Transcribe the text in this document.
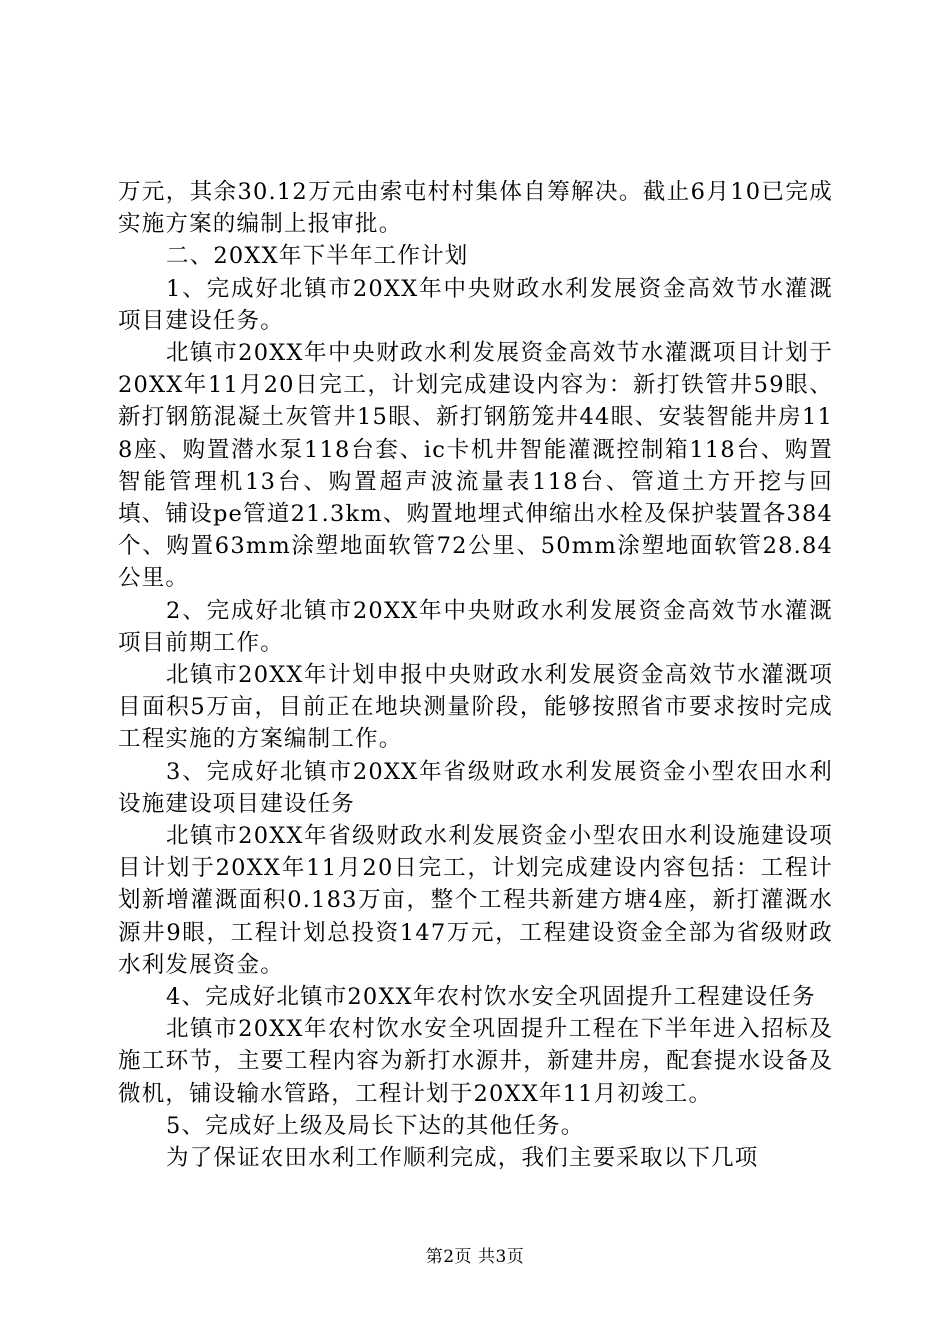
万元，其余30.12万元由索屯村村集体自筹解决。截止6月10已完成实施方案的编制上报审批。

二、20XX年下半年工作计划

1、完成好北镇市20XX年中央财政水利发展资金高效节水灌溉项目建设任务。

北镇市20XX年中央财政水利发展资金高效节水灌溉项目计划于20XX年11月20日完工，计划完成建设内容为：新打铁管井59眼、新打钢筋混凝土灰管井15眼、新打钢筋笼井44眼、安装智能井房118座、购置潜水泵118台套、ic卡机井智能灌溉控制箱118台、购置智能管理机13台、购置超声波流量表118台、管道土方开挖与回填、铺设pe管道21.3km、购置地埋式伸缩出水栓及保护装置各384个、购置63mm涂塑地面软管72公里、50mm涂塑地面软管28.84公里。

2、完成好北镇市20XX年中央财政水利发展资金高效节水灌溉项目前期工作。

北镇市20XX年计划申报中央财政水利发展资金高效节水灌溉项目面积5万亩，目前正在地块测量阶段，能够按照省市要求按时完成工程实施的方案编制工作。

3、完成好北镇市20XX年省级财政水利发展资金小型农田水利设施建设项目建设任务

北镇市20XX年省级财政水利发展资金小型农田水利设施建设项目计划于20XX年11月20日完工，计划完成建设内容包括：工程计划新增灌溉面积0.183万亩，整个工程共新建方塘4座，新打灌溉水源井9眼，工程计划总投资147万元，工程建设资金全部为省级财政水利发展资金。

4、完成好北镇市20XX年农村饮水安全巩固提升工程建设任务

北镇市20XX年农村饮水安全巩固提升工程在下半年进入招标及施工环节，主要工程内容为新打水源井，新建井房，配套提水设备及微机，铺设输水管路，工程计划于20XX年11月初竣工。

5、完成好上级及局长下达的其他任务。

为了保证农田水利工作顺利完成，我们主要采取以下几项

第2页 共3页
